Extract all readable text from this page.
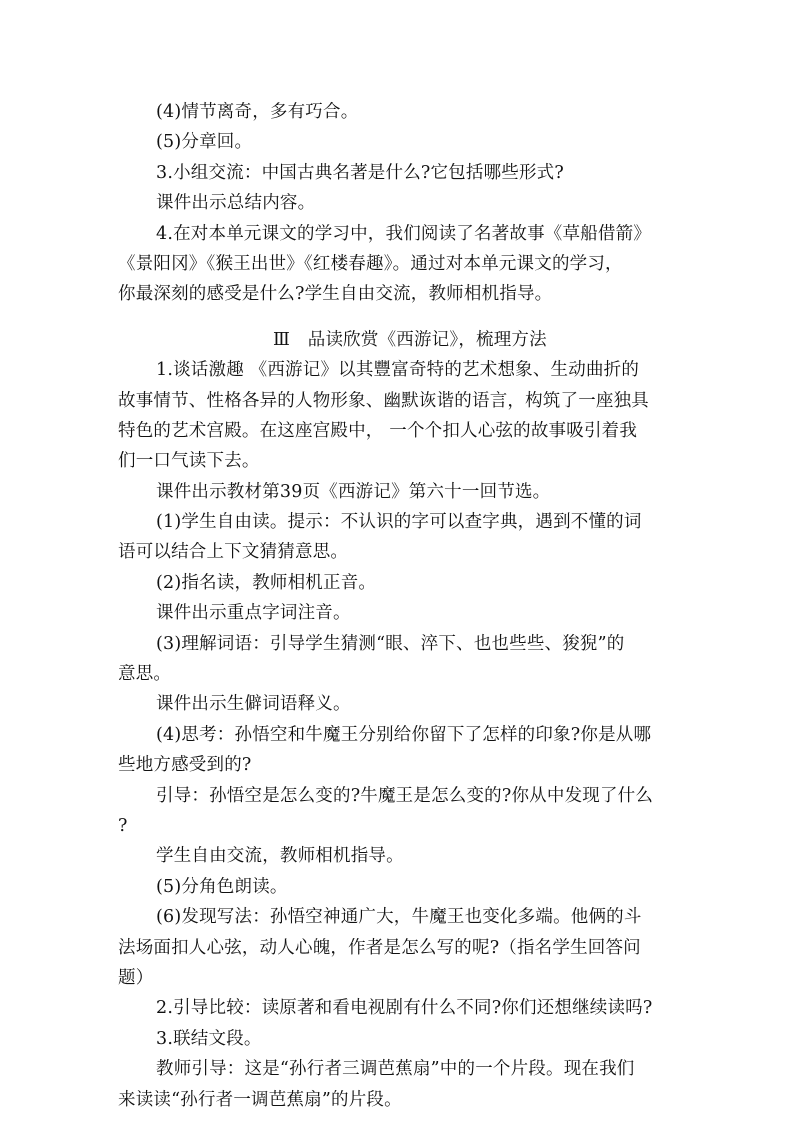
(4)情节离奇，多有巧合。
(5)分章回。
3.小组交流：中国古典名著是什么?它包括哪些形式?
课件出示总结内容。
4.在对本单元课文的学习中，我们阅读了名著故事《草船借箭》
《景阳冈》《猴王出世》《红楼春趣》。通过对本单元课文的学习，
你最深刻的感受是什么?学生自由交流，教师相机指导。
Ⅲ　品读欣赏《西游记》，梳理方法
1.谈话激趣 《西游记》以其豐富奇特的艺术想象、生动曲折的
故事情节、性格各异的人物形象、幽默诙谐的语言，构筑了一座独具
特色的艺术宫殿。在这座宫殿中， 一个个扣人心弦的故事吸引着我
们一口气读下去。
课件出示教材第39页《西游记》第六十一回节选。
(1)学生自由读。提示：不认识的字可以查字典，遇到不懂的词
语可以结合上下文猜猜意思。
(2)指名读，教师相机正音。
课件出示重点字词注音。
(3)理解词语：引导学生猜测“眼、淬下、也也些些、狻猊”的
意思。
课件出示生僻词语释义。
(4)思考：孙悟空和牛魔王分别给你留下了怎样的印象?你是从哪
些地方感受到的?
引导：孙悟空是怎么变的?牛魔王是怎么变的?你从中发现了什么
?
学生自由交流，教师相机指导。
(5)分角色朗读。
(6)发现写法：孙悟空神通广大，牛魔王也变化多端。他俩的斗
法场面扣人心弦，动人心魄，作者是怎么写的呢?（指名学生回答问
题）
2.引导比较：读原著和看电视剧有什么不同?你们还想继续读吗?
3.联结文段。
教师引导：这是“孙行者三调芭蕉扇”中的一个片段。现在我们
来读读“孙行者一调芭蕉扇”的片段。
